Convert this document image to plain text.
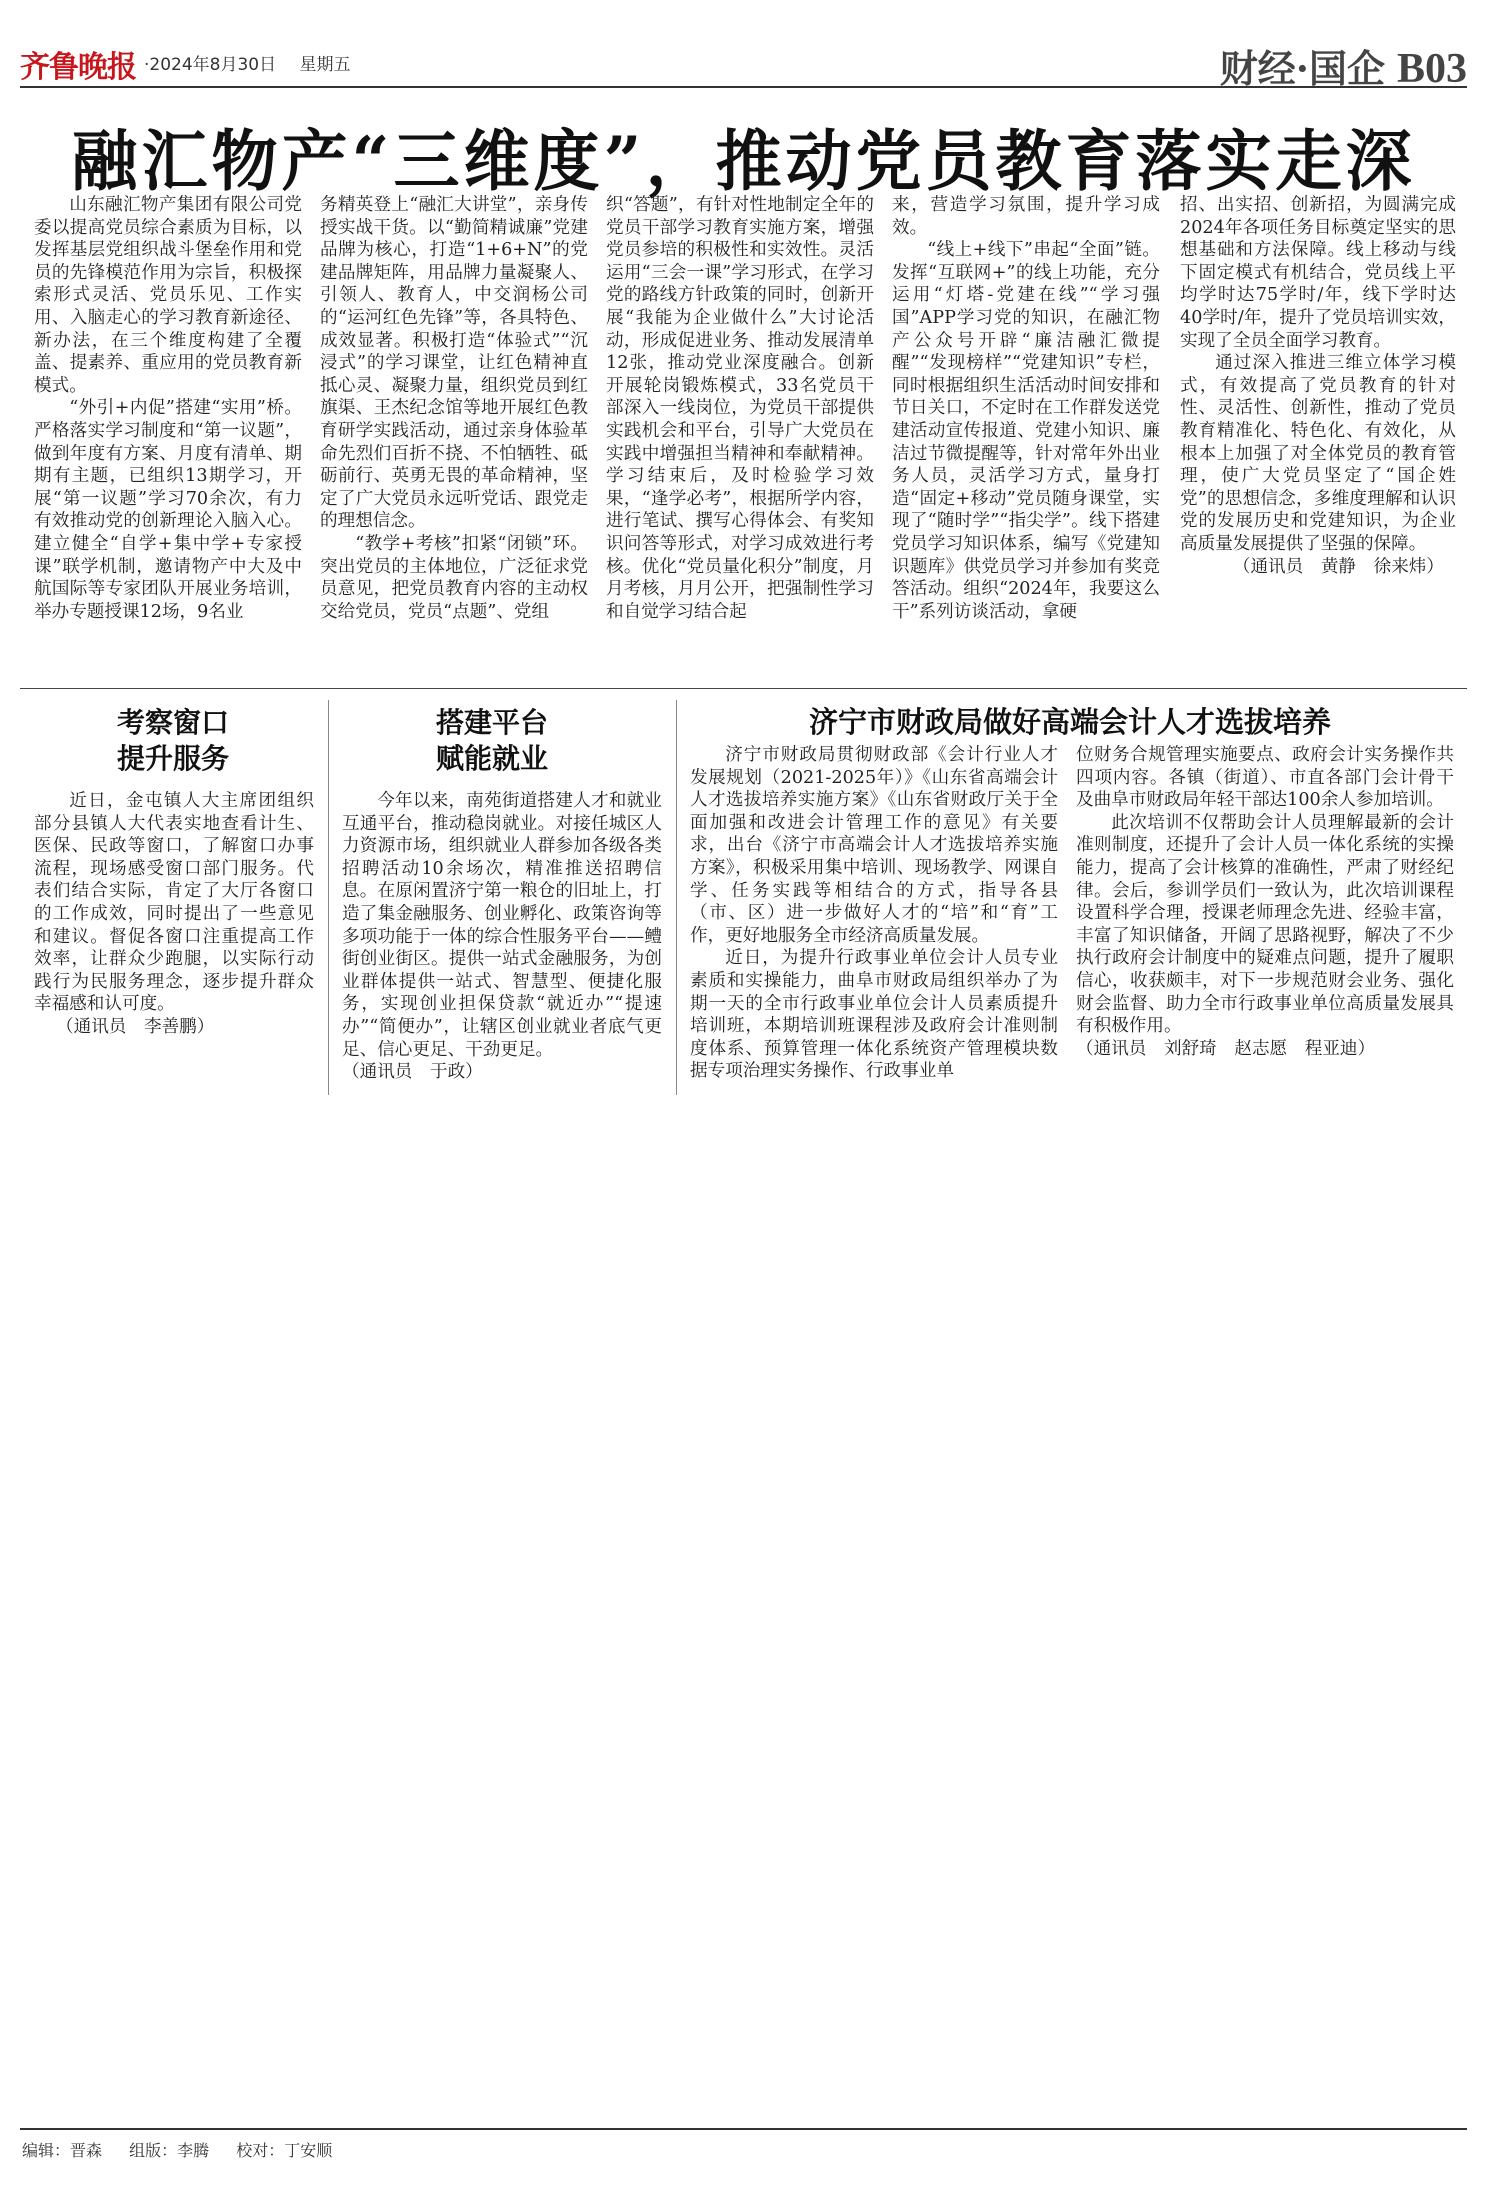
齐鲁晚报 ·2024年8月30日 星期五	财经·国企 B03
融汇物产“三维度”，推动党员教育落实走深

山东融汇物产集团有限公司党委以提高党员综合素质为目标，以发挥基层党组织战斗堡垒作用和党员的先锋模范作用为宗旨，积极探索形式灵活、党员乐见、工作实用、入脑走心的学习教育新途径、新办法，在三个维度构建了全覆盖、提素养、重应用的党员教育新模式。

“外引+内促”搭建“实用”桥。严格落实学习制度和“第一议题”，做到年度有方案、月度有清单、期期有主题，已组织13期学习，开展“第一议题”学习70余次，有力有效推动党的创新理论入脑入心。建立健全“自学+集中学+专家授课”联学机制，邀请物产中大及中航国际等专家团队开展业务培训，举办专题授课12场，9名业

务精英登上“融汇大讲堂”，亲身传授实战干货。以“勤简精诚廉”党建品牌为核心，打造“1+6+N”的党建品牌矩阵，用品牌力量凝聚人、引领人、教育人，中交润杨公司的“运河红色先锋”等，各具特色、成效显著。积极打造“体验式”“沉浸式”的学习课堂，让红色精神直抵心灵、凝聚力量，组织党员到红旗渠、王杰纪念馆等地开展红色教育研学实践活动，通过亲身体验革命先烈们百折不挠、不怕牺牲、砥砺前行、英勇无畏的革命精神，坚定了广大党员永远听党话、跟党走的理想信念。

“教学+考核”扣紧“闭锁”环。突出党员的主体地位，广泛征求党员意见，把党员教育内容的主动权交给党员，党员“点题”、党组

织“答题”，有针对性地制定全年的党员干部学习教育实施方案，增强党员参培的积极性和实效性。灵活运用“三会一课”学习形式，在学习党的路线方针政策的同时，创新开展“我能为企业做什么”大讨论活动，形成促进业务、推动发展清单12张，推动党业深度融合。创新开展轮岗锻炼模式，33名党员干部深入一线岗位，为党员干部提供实践机会和平台，引导广大党员在实践中增强担当精神和奉献精神。学习结束后，及时检验学习效果，“逢学必考”，根据所学内容，进行笔试、撰写心得体会、有奖知识问答等形式，对学习成效进行考核。优化“党员量化积分”制度，月月考核，月月公开，把强制性学习和自觉学习结合起

来，营造学习氛围，提升学习成效。

“线上+线下”串起“全面”链。发挥“互联网+”的线上功能，充分运用“灯塔-党建在线”“学习强国”APP学习党的知识，在融汇物产公众号开辟“廉洁融汇微提醒”“发现榜样”“党建知识”专栏，同时根据组织生活活动时间安排和节日关口，不定时在工作群发送党建活动宣传报道、党建小知识、廉洁过节微提醒等，针对常年外出业务人员，灵活学习方式，量身打造“固定+移动”党员随身课堂，实现了“随时学”“指尖学”。线下搭建党员学习知识体系，编写《党建知识题库》供党员学习并参加有奖竞答活动。组织“2024年，我要这么干”系列访谈活动，拿硬

招、出实招、创新招，为圆满完成2024年各项任务目标奠定坚实的思想基础和方法保障。线上移动与线下固定模式有机结合，党员线上平均学时达75学时/年，线下学时达40学时/年，提升了党员培训实效，实现了全员全面学习教育。

通过深入推进三维立体学习模式，有效提高了党员教育的针对性、灵活性、创新性，推动了党员教育精准化、特色化、有效化，从根本上加强了对全体党员的教育管理，使广大党员坚定了“国企姓党”的思想信念，多维度理解和认识党的发展历史和党建知识，为企业高质量发展提供了坚强的保障。

（通讯员　黄静　徐来炜）
考察窗口
提升服务

近日，金屯镇人大主席团组织部分县镇人大代表实地查看计生、医保、民政等窗口，了解窗口办事流程，现场感受窗口部门服务。代表们结合实际，肯定了大厅各窗口的工作成效，同时提出了一些意见和建议。督促各窗口注重提高工作效率，让群众少跑腿，以实际行动践行为民服务理念，逐步提升群众幸福感和认可度。

（通讯员　李善鹏）
搭建平台
赋能就业

今年以来，南苑街道搭建人才和就业互通平台，推动稳岗就业。对接任城区人力资源市场，组织就业人群参加各级各类招聘活动10余场次，精准推送招聘信息。在原闲置济宁第一粮仓的旧址上，打造了集金融服务、创业孵化、政策咨询等多项功能于一体的综合性服务平台——鳢街创业街区。提供一站式金融服务，为创业群体提供一站式、智慧型、便捷化服务，实现创业担保贷款“就近办”“提速办”“简便办”，让辖区创业就业者底气更足、信心更足、干劲更足。

（通讯员　于政）
济宁市财政局做好高端会计人才选拔培养

济宁市财政局贯彻财政部《会计行业人才发展规划（2021-2025年）》《山东省高端会计人才选拔培养实施方案》《山东省财政厅关于全面加强和改进会计管理工作的意见》有关要求，出台《济宁市高端会计人才选拔培养实施方案》，积极采用集中培训、现场教学、网课自学、任务实践等相结合的方式，指导各县（市、区）进一步做好人才的“培”和“育”工作，更好地服务全市经济高质量发展。

近日，为提升行政事业单位会计人员专业素质和实操能力，曲阜市财政局组织举办了为期一天的全市行政事业单位会计人员素质提升培训班，本期培训班课程涉及政府会计准则制度体系、预算管理一体化系统资产管理模块数据专项治理实务操作、行政事业单

位财务合规管理实施要点、政府会计实务操作共四项内容。各镇（街道）、市直各部门会计骨干及曲阜市财政局年轻干部达100余人参加培训。

此次培训不仅帮助会计人员理解最新的会计准则制度，还提升了会计人员一体化系统的实操能力，提高了会计核算的准确性，严肃了财经纪律。会后，参训学员们一致认为，此次培训课程设置科学合理，授课老师理念先进、经验丰富，丰富了知识储备，开阔了思路视野，解决了不少执行政府会计制度中的疑难点问题，提升了履职信心，收获颇丰，对下一步规范财会业务、强化财会监督、助力全市行政事业单位高质量发展具有积极作用。

（通讯员　刘舒琦　赵志愿　程亚迪）
编辑：晋森 组版：李腾 校对：丁安顺
